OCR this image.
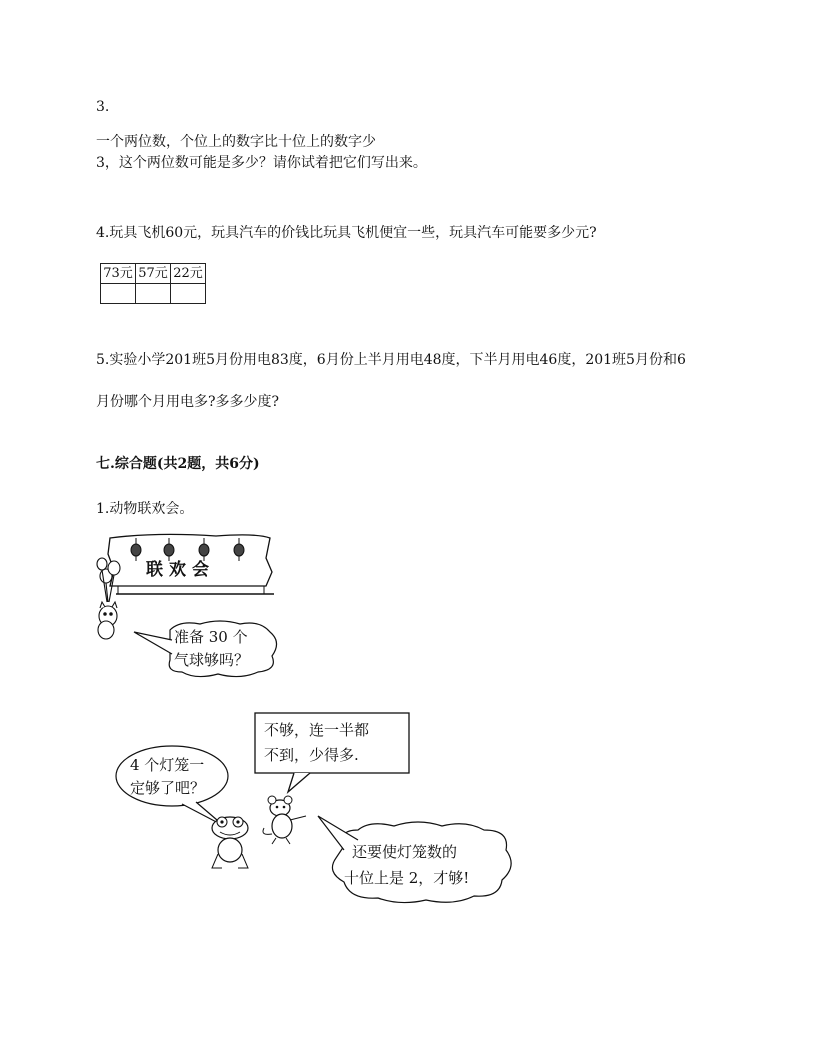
3.
一个两位数，个位上的数字比十位上的数字少
3，这个两位数可能是多少？请你试着把它们写出来。
4.玩具飞机60元，玩具汽车的价钱比玩具飞机便宜一些，玩具汽车可能要多少元?
73元	57元	22元

5.实验小学201班5月份用电83度，6月份上半月用电48度，下半月用电46度，201班5月份和6
月份哪个月用电多?多多少度?
七.综合题(共2题，共6分)
1.动物联欢会。
联欢会
准备 30 个
气球够吗？
不够，连一半都
不到，少得多.
4 个灯笼一
定够了吧？
还要使灯笼数的
十位上是 2，才够!
